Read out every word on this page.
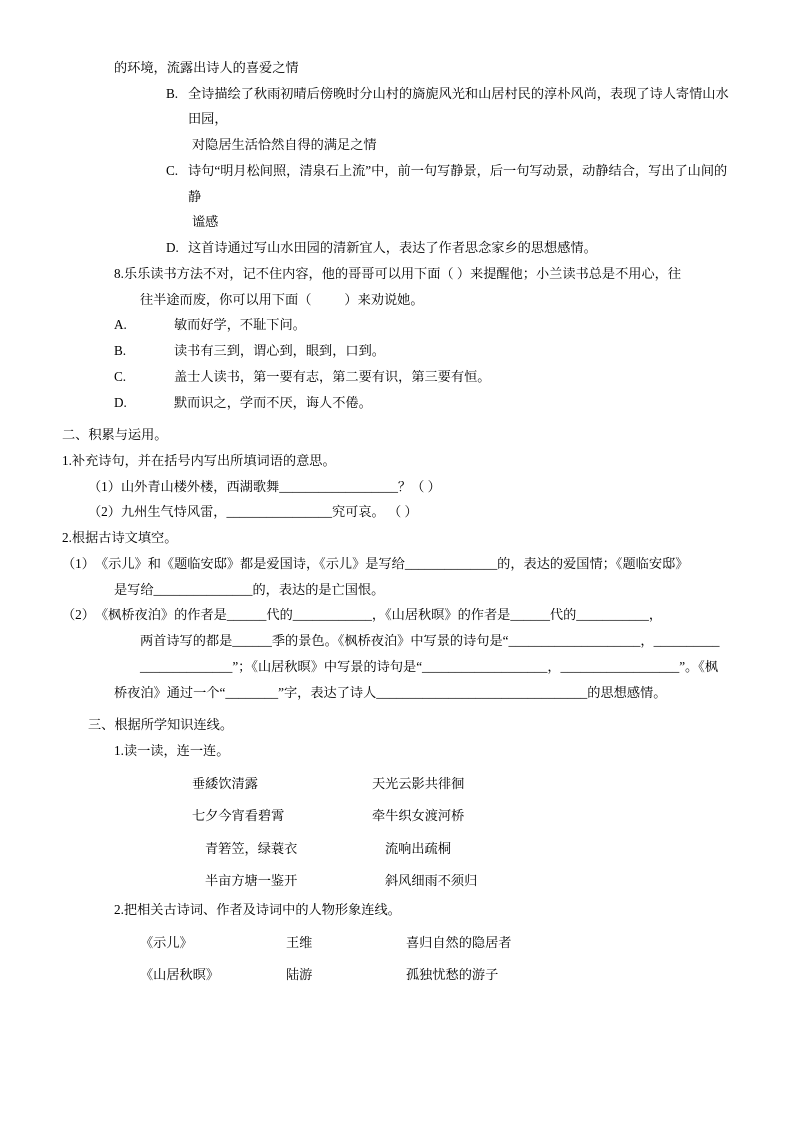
的环境，流露出诗人的喜爱之情
B. 全诗描绘了秋雨初晴后傍晚时分山村的旖旎风光和山居村民的淳朴风尚，表现了诗人寄情山水田园，
对隐居生活恰然自得的满足之情
C. 诗句“明月松间照，清泉石上流”中，前一句写静景，后一句写动景，动静结合，写出了山间的静
谧感
D. 这首诗通过写山水田园的清新宜人，表达了作者思念家乡的思想感情。
8. 乐乐读书方法不对，记不住内容，他的哥哥可以用下面（ ）来提醒他；小兰读书总是不用心，往
往半途而废，你可以用下面（          ）来劝说她。
A.	敏而好学，不耻下问。
B.	读书有三到，谓心到，眼到，口到。
C.	盖士人读书，第一要有志，第二要有识，第三要有恒。
D.	默而识之，学而不厌，诲人不倦。
二、积累与运用。
1. 补充诗句，并在括号内写出所填词语的意思。
（1） 山外青山楼外楼，西湖歌舞__________________？（ ）
（2） 九州生气恃风雷，________________究可哀。 （ ）
2. 根据古诗文填空。
（1） 《示儿》和《题临安邸》都是爱国诗，《示儿》是写给______________的，表达的爱国情；《题临安邸》
是写给_______________的，表达的是亡国恨。
（2） 《枫桥夜泊》的作者是______代的____________，《山居秋暝》的作者是______代的___________，
两首诗写的都是______季的景色。《枫桥夜泊》中写景的诗句是“____________________，__________
______________”；《山居秋暝》中写景的诗句是“___________________，__________________”。《枫
桥夜泊》通过一个“________”字，表达了诗人________________________________的思想感情。
三、根据所学知识连线。
1. 读一读，连一连。
垂緌饮清露	天光云影共徘徊
七夕今宵看碧霄	牵牛织女渡河桥
青箬笠，绿蓑衣	流响出疏桐
半亩方塘一鉴开	斜风细雨不须归
2. 把相关古诗词、作者及诗词中的人物形象连线。
《示儿》	王维	喜归自然的隐居者
《山居秋暝》	陆游	孤独忧愁的游子
